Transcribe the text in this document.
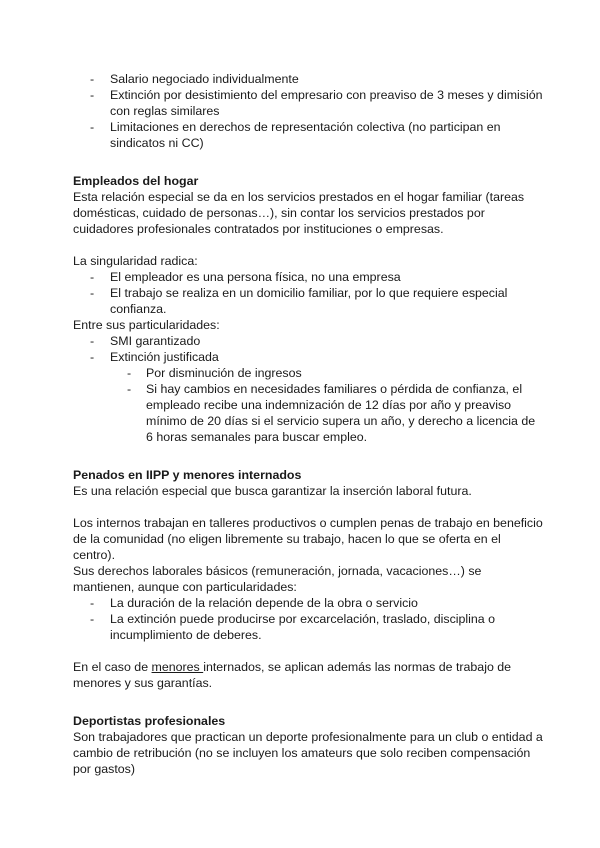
- Salario negociado individualmente
- Extinción por desistimiento del empresario con preaviso de 3 meses y dimisión con reglas similares
- Limitaciones en derechos de representación colectiva (no participan en sindicatos ni CC)

Empleados del hogar

Esta relación especial se da en los servicios prestados en el hogar familiar (tareas domésticas, cuidado de personas…), sin contar los servicios prestados por cuidadores profesionales contratados por instituciones o empresas.

La singularidad radica:

- El empleador es una persona física, no una empresa
- El trabajo se realiza en un domicilio familiar, por lo que requiere especial confianza.

Entre sus particularidades:

- SMI garantizado
- Extinción justificada
- Por disminución de ingresos
- Si hay cambios en necesidades familiares o pérdida de confianza, el empleado recibe una indemnización de 12 días por año y preaviso mínimo de 20 días si el servicio supera un año, y derecho a licencia de 6 horas semanales para buscar empleo.

Penados en IIPP y menores internados

Es una relación especial que busca garantizar la inserción laboral futura.

Los internos trabajan en talleres productivos o cumplen penas de trabajo en beneficio de la comunidad (no eligen libremente su trabajo, hacen lo que se oferta en el centro).

Sus derechos laborales básicos (remuneración, jornada, vacaciones…) se mantienen, aunque con particularidades:

- La duración de la relación depende de la obra o servicio
- La extinción puede producirse por excarcelación, traslado, disciplina o incumplimiento de deberes.

En el caso de menores internados, se aplican además las normas de trabajo de menores y sus garantías.

Deportistas profesionales

Son trabajadores que practican un deporte profesionalmente para un club o entidad a cambio de retribución (no se incluyen los amateurs que solo reciben compensación por gastos)
